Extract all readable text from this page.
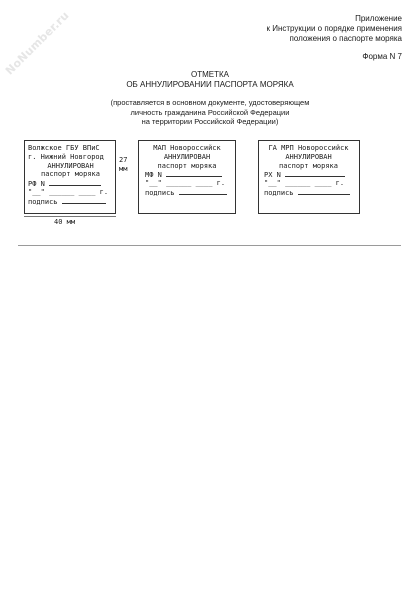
NoNumber.ru	Приложение
к Инструкции о порядке применения
положения о паспорте моряка
Форма N 7
ОТМЕТКА
ОБ АННУЛИРОВАНИИ ПАСПОРТА МОРЯКА
(проставляется в основном документе, удостоверяющем
личность гражданина Российской Федерации
на территории Российской Федерации)
Волжское ГБУ ВПиС
г. Нижний Новгород
АННУЛИРОВАН
паспорт моряка
РФ N
"__" ______ ____ г.
подпись
27
мм
40 мм
МАП Новороссийск
АННУЛИРОВАН
паспорт моряка
МФ N
"__" ______ ____ г.
подпись
ГА МРП Новороссийск
АННУЛИРОВАН
паспорт моряка
РХ N
"__" ______ ____ г.
подпись
